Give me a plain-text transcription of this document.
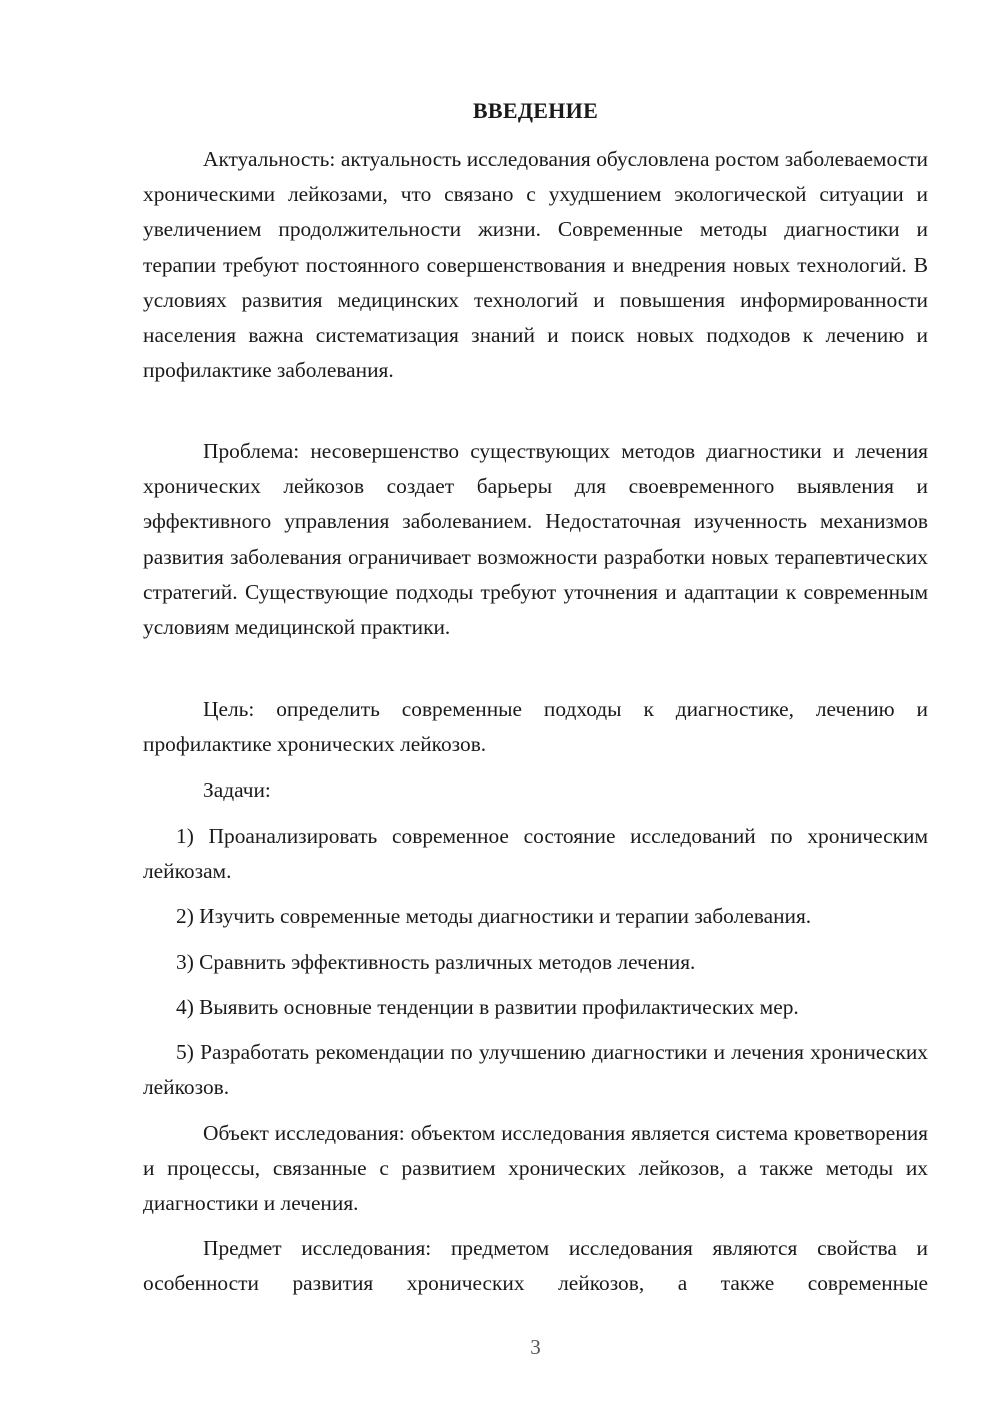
ВВЕДЕНИЕ

Актуальность: актуальность исследования обусловлена ростом заболеваемости хроническими лейкозами, что связано с ухудшением экологической ситуации и увеличением продолжительности жизни. Современные методы диагностики и терапии требуют постоянного совершенствования и внедрения новых технологий. В условиях развития медицинских технологий и повышения информированности населения важна систематизация знаний и поиск новых подходов к лечению и профилактике заболевания.

Проблема: несовершенство существующих методов диагностики и лечения хронических лейкозов создает барьеры для своевременного выявления и эффективного управления заболеванием. Недостаточная изученность механизмов развития заболевания ограничивает возможности разработки новых терапевтических стратегий. Существующие подходы требуют уточнения и адаптации к современным условиям медицинской практики.

Цель: определить современные подходы к диагностике, лечению и профилактике хронических лейкозов.

Задачи:

1) Проанализировать современное состояние исследований по хроническим лейкозам.

2) Изучить современные методы диагностики и терапии заболевания.

3) Сравнить эффективность различных методов лечения.

4) Выявить основные тенденции в развитии профилактических мер.

5) Разработать рекомендации по улучшению диагностики и лечения хронических лейкозов.

Объект исследования: объектом исследования является система кроветворения и процессы, связанные с развитием хронических лейкозов, а также методы их диагностики и лечения.

Предмет исследования: предметом исследования являются свойства и особенности развития хронических лейкозов, а также современные

3
